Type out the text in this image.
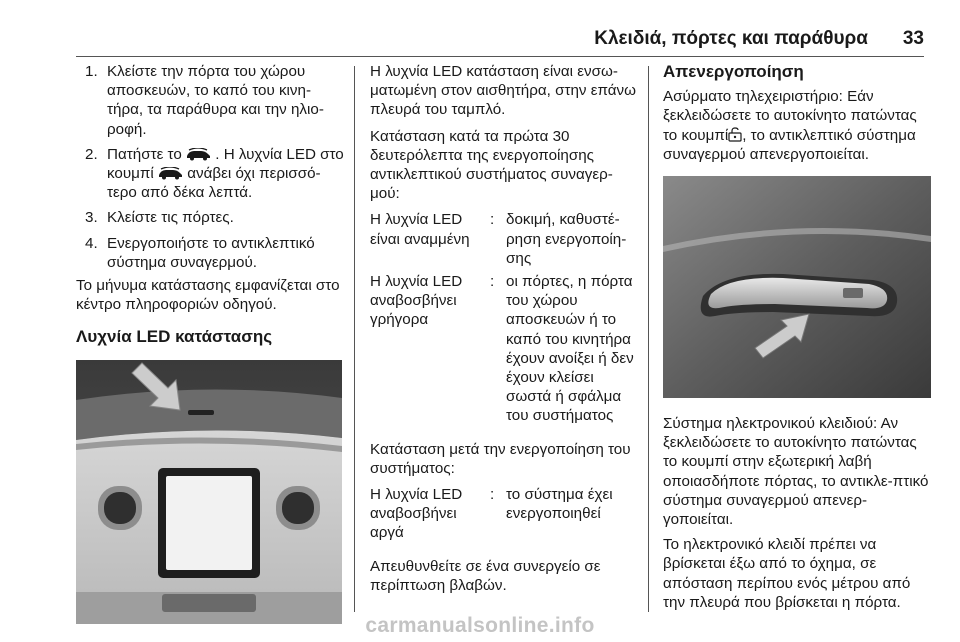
Κλειδιά, πόρτες και παράθυρα 33
1. Κλείστε την πόρτα του χώρου αποσκευών, το καπό του κινη-τήρα, τα παράθυρα και την ηλιο-ροφή.
2. Πατήστε το . Η λυχνία LED στο κουμπί ανάβει όχι περισσό-τερο από δέκα λεπτά.
3. Κλείστε τις πόρτες.
4. Ενεργοποιήστε το αντικλεπτικό σύστημα συναγερμού.

Το μήνυμα κατάστασης εμφανίζεται στο κέντρο πληροφοριών οδηγού.

Λυχνία LED κατάστασης

Η λυχνία LED κατάσταση είναι ενσω-ματωμένη στον αισθητήρα, στην επάνω πλευρά του ταμπλό.

Κατάσταση κατά τα πρώτα 30 δευτερόλεπτα της ενεργοποίησης αντικλεπτικού συστήματος συναγερ-μού:

Η λυχνία LED είναι αναμμένη
: δοκιμή, καθυστέ-ρηση ενεργοποίη-σης
Η λυχνία LED αναβοσβήνει γρήγορα
: οι πόρτες, η πόρτα του χώρου αποσκευών ή το καπό του κινητήρα έχουν ανοίξει ή δεν έχουν κλείσει σωστά ή σφάλμα του συστήματος

Κατάσταση μετά την ενεργοποίηση του συστήματος:

Η λυχνία LED αναβοσβήνει αργά
: το σύστημα έχει ενεργοποιηθεί

Απευθυνθείτε σε ένα συνεργείο σε περίπτωση βλαβών.

Απενεργοποίηση

Ασύρματο τηλεχειριστήριο: Εάν ξεκλειδώσετε το αυτοκίνητο πατώντας το κουμπί , το αντικλεπτικό σύστημα συναγερμού απενεργοποιείται.

Σύστημα ηλεκτρονικού κλειδιού: Αν ξεκλειδώσετε το αυτοκίνητο πατώντας το κουμπί στην εξωτερική λαβή οποιασδήποτε πόρτας, το αντικλε-πτικό σύστημα συναγερμού απενερ-γοποιείται.

Το ηλεκτρονικό κλειδί πρέπει να βρίσκεται έξω από το όχημα, σε απόσταση περίπου ενός μέτρου από την πλευρά που βρίσκεται η πόρτα.

carmanualsonline.info
